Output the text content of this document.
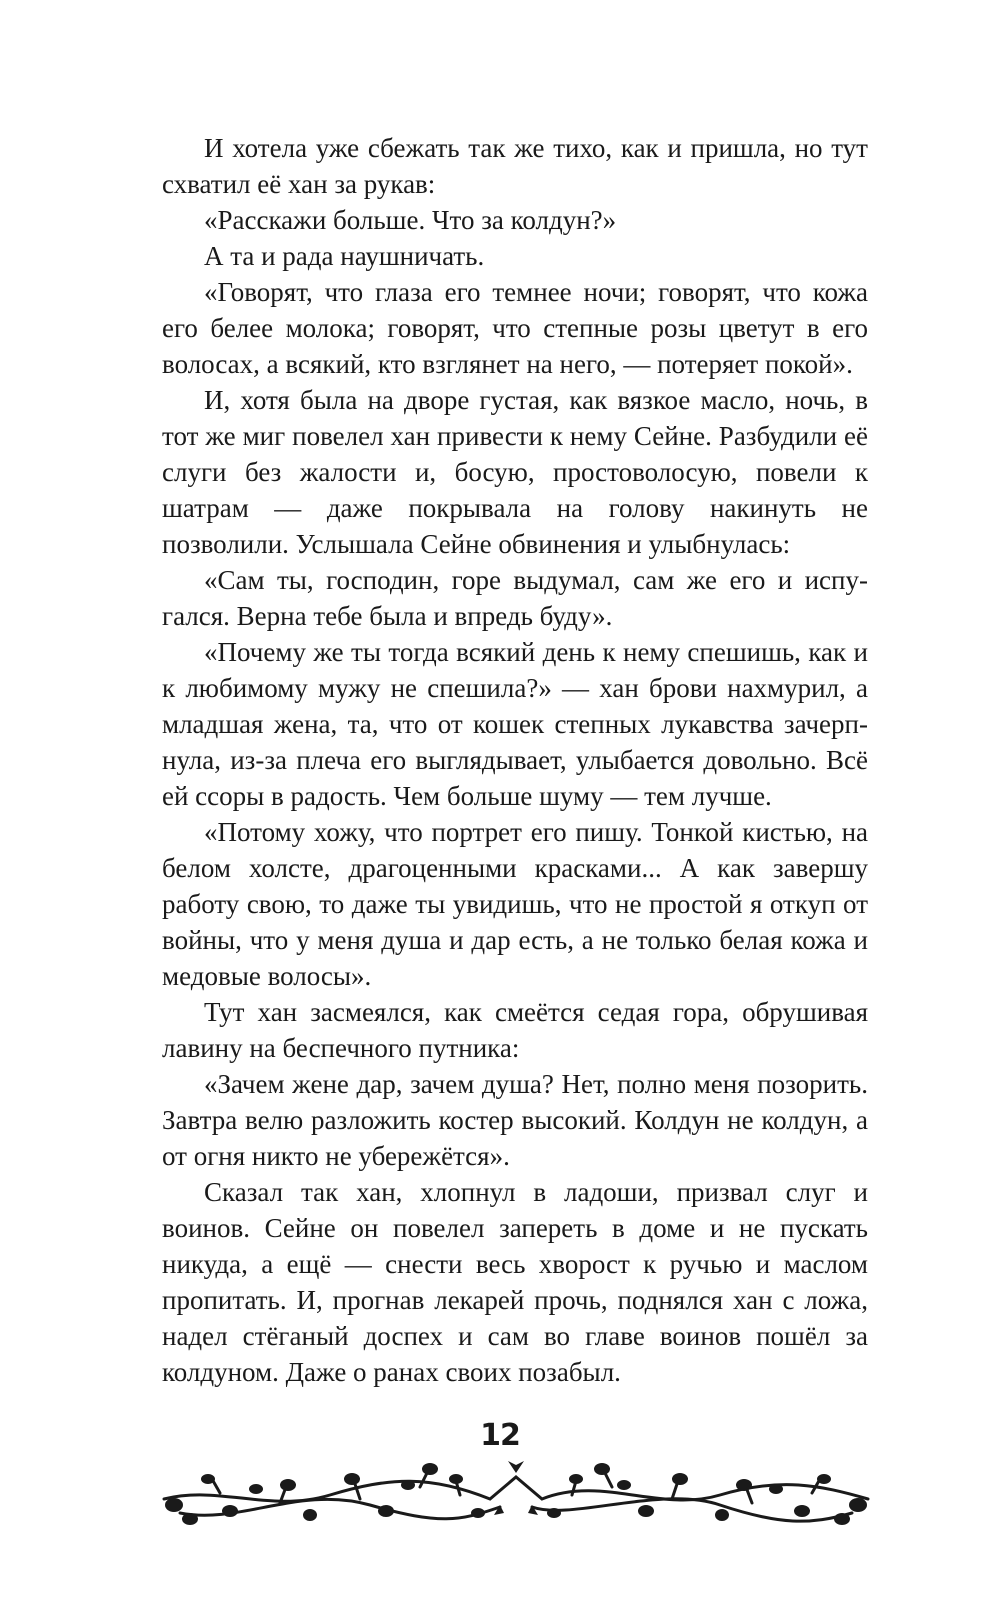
И хотела уже сбежать так же тихо, как и пришла, но тут схватил её хан за рукав:

«Расскажи больше. Что за колдун?»

А та и рада наушничать.

«Говорят, что глаза его темнее ночи; говорят, что кожа его белее молока; говорят, что степные розы цветут в его волосах, а всякий, кто взглянет на него, — потеряет покой».

И, хотя была на дворе густая, как вязкое масло, ночь, в тот же миг повелел хан привести к нему Сейне. Разбудили её слуги без жалости и, босую, простоволосую, повели к шатрам — даже покрывала на голову накинуть не позволили. Услышала Сейне обвинения и улыбнулась:

«Сам ты, господин, горе выдумал, сам же его и испугался. Верна тебе была и впредь буду».

«Почему же ты тогда всякий день к нему спешишь, как и к любимому мужу не спешила?» — хан брови нахмурил, а младшая жена, та, что от кошек степных лукавства зачерпнула, из-за плеча его выглядывает, улыбается довольно. Всё ей ссоры в радость. Чем больше шуму — тем лучше.

«Потому хожу, что портрет его пишу. Тонкой кистью, на белом холсте, драгоценными красками... А как завершу работу свою, то даже ты увидишь, что не простой я откуп от войны, что у меня душа и дар есть, а не только белая кожа и медовые волосы».

Тут хан засмеялся, как смеётся седая гора, обрушивая лавину на беспечного путника:

«Зачем жене дар, зачем душа? Нет, полно меня позорить. Завтра велю разложить костер высокий. Колдун не колдун, а от огня никто не убережётся».

Сказал так хан, хлопнул в ладоши, призвал слуг и воинов. Сейне он повелел запереть в доме и не пускать никуда, а ещё — снести весь хворост к ручью и маслом пропитать. И, прогнав лекарей прочь, поднялся хан с ложа, надел стёганый доспех и сам во главе воинов пошёл за колдуном. Даже о ранах своих позабыл.

12
